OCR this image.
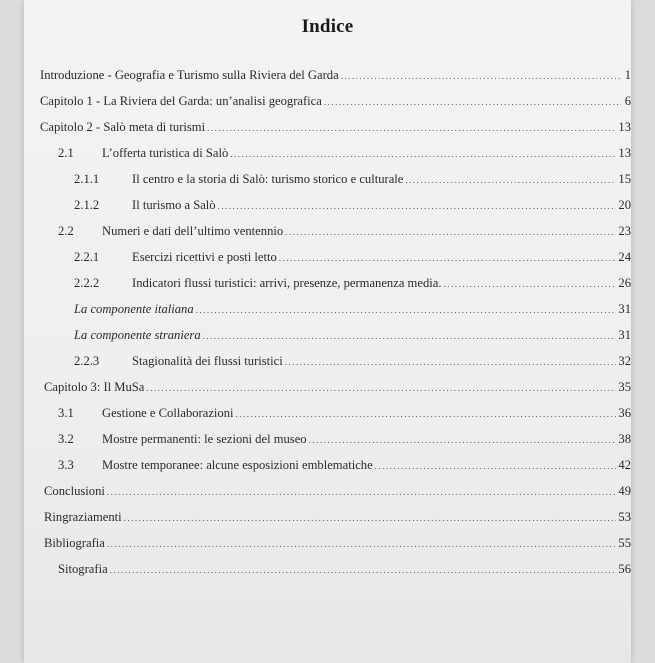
Indice
Introduzione - Geografia e Turismo sulla Riviera del Garda .....	1
Capitolo 1 - La Riviera del Garda: un’analisi geografica .....	6
Capitolo 2 - Salò meta di turismi .....	13
2.1	L’offerta turistica di Salò .....	13
2.1.1	Il centro e la storia di Salò: turismo storico e culturale .....	15
2.1.2	Il turismo a Salò .....	20
2.2	Numeri e dati dell’ultimo ventennio .....	23
2.2.1	Esercizi ricettivi e posti letto .....	24
2.2.2	Indicatori flussi turistici: arrivi, presenze, permanenza media. .....	26
La componente italiana .....	31
La componente straniera .....	31
2.2.3	Stagionalità dei flussi turistici .....	32
Capitolo 3: Il MuSa .....	35
3.1	Gestione e Collaborazioni .....	36
3.2	Mostre permanenti: le sezioni del museo .....	38
3.3	Mostre temporanee: alcune esposizioni emblematiche .....	42
Conclusioni .....	49
Ringraziamenti .....	53
Bibliografia .....	55
Sitografia .....	56
